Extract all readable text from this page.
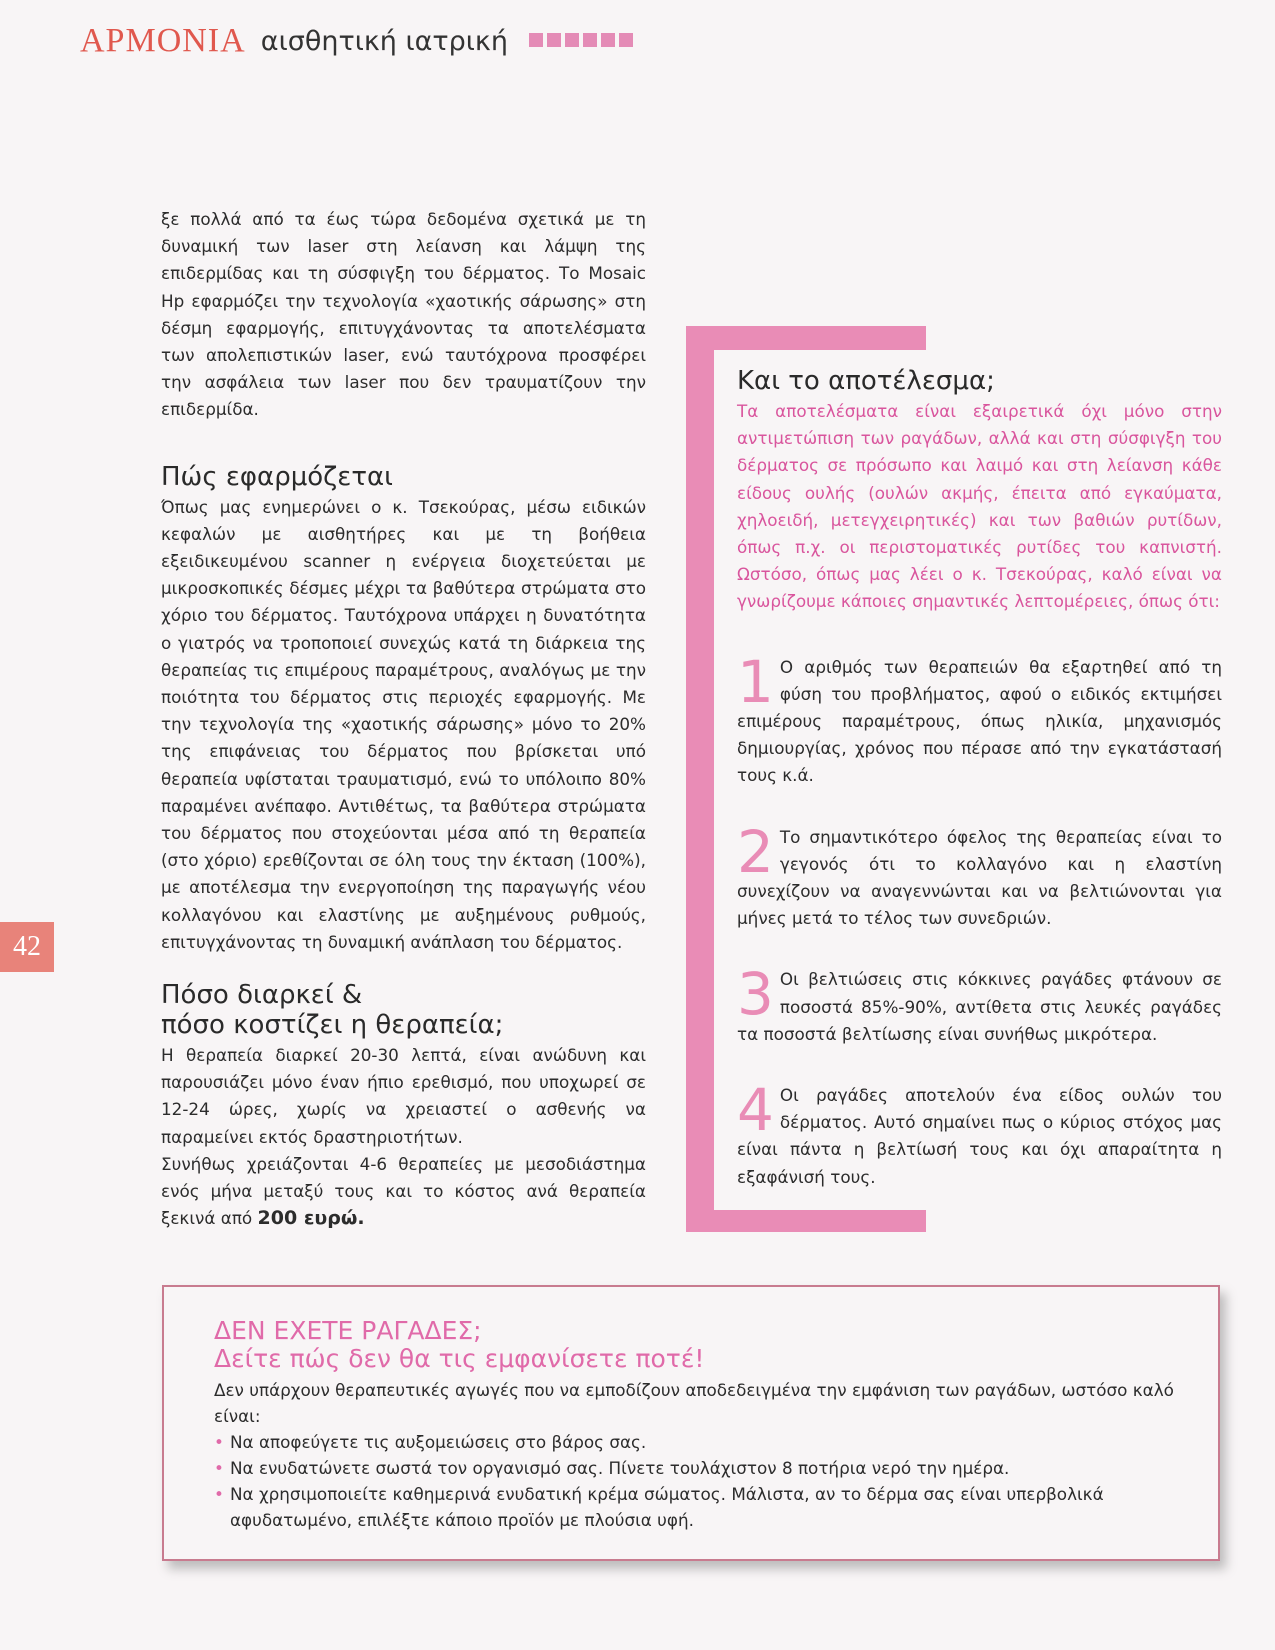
ΑΡΜΟΝΙΑ αισθητική ιατρική
42

ξε πολλά από τα έως τώρα δεδομένα σχετικά με τη δυναμική των laser στη λείανση και λάμψη της επιδερμίδας και τη σύσφιγξη του δέρματος. Το Mosaic Hp εφαρμόζει την τεχνολογία «χαοτικής σάρωσης» στη δέσμη εφαρμογής, επιτυγχάνοντας τα αποτελέσματα των απολεπιστικών laser, ενώ ταυτόχρονα προσφέρει την ασφάλεια των laser που δεν τραυματίζουν την επιδερμίδα.

Πώς εφαρμόζεται

Όπως μας ενημερώνει ο κ. Τσεκούρας, μέσω ειδικών κεφαλών με αισθητήρες και με τη βοήθεια εξειδικευμένου scanner η ενέργεια διοχετεύεται με μικροσκοπικές δέσμες μέχρι τα βαθύτερα στρώματα στο χόριο του δέρματος. Ταυτόχρονα υπάρχει η δυνατότητα ο γιατρός να τροποποιεί συνεχώς κατά τη διάρκεια της θεραπείας τις επιμέρους παραμέτρους, αναλόγως με την ποιότητα του δέρματος στις περιοχές εφαρμογής. Με την τεχνολογία της «χαοτικής σάρωσης» μόνο το 20% της επιφάνειας του δέρματος που βρίσκεται υπό θεραπεία υφίσταται τραυματισμό, ενώ το υπόλοιπο 80% παραμένει ανέπαφο. Αντιθέτως, τα βαθύτερα στρώματα του δέρματος που στοχεύονται μέσα από τη θεραπεία (στο χόριο) ερεθίζονται σε όλη τους την έκταση (100%), με αποτέλεσμα την ενεργοποίηση της παραγωγής νέου κολλαγόνου και ελαστίνης με αυξημένους ρυθμούς, επιτυγχάνοντας τη δυναμική ανάπλαση του δέρματος.

Πόσο διαρκεί &
πόσο κοστίζει η θεραπεία;

Η θεραπεία διαρκεί 20-30 λεπτά, είναι ανώδυνη και παρουσιάζει μόνο έναν ήπιο ερεθισμό, που υποχωρεί σε 12-24 ώρες, χωρίς να χρειαστεί ο ασθενής να παραμείνει εκτός δραστηριοτήτων.

Συνήθως χρειάζονται 4-6 θεραπείες με μεσοδιάστημα ενός μήνα μεταξύ τους και το κόστος ανά θεραπεία ξεκινά από 200 ευρώ.

Και το αποτέλεσμα;

Τα αποτελέσματα είναι εξαιρετικά όχι μόνο στην αντιμετώπιση των ραγάδων, αλλά και στη σύσφιγξη του δέρματος σε πρόσωπο και λαιμό και στη λείανση κάθε είδους ουλής (ουλών ακμής, έπειτα από εγκαύματα, χηλοειδή, μετεγχειρητικές) και των βαθιών ρυτίδων, όπως π.χ. οι περιστοματικές ρυτίδες του καπνιστή. Ωστόσο, όπως μας λέει ο κ. Τσεκούρας, καλό είναι να γνωρίζουμε κάποιες σημαντικές λεπτομέρειες, όπως ότι:

1 Ο αριθμός των θεραπειών θα εξαρτηθεί από τη φύση του προβλήματος, αφού ο ειδικός εκτιμήσει επιμέρους παραμέτρους, όπως ηλικία, μηχανισμός δημιουργίας, χρόνος που πέρασε από την εγκατάστασή τους κ.ά.

2 Το σημαντικότερο όφελος της θεραπείας είναι το γεγονός ότι το κολλαγόνο και η ελαστίνη συνεχίζουν να αναγεννώνται και να βελτιώνονται για μήνες μετά το τέλος των συνεδριών.

3 Οι βελτιώσεις στις κόκκινες ραγάδες φτάνουν σε ποσοστά 85%-90%, αντίθετα στις λευκές ραγάδες τα ποσοστά βελτίωσης είναι συνήθως μικρότερα.

4 Οι ραγάδες αποτελούν ένα είδος ουλών του δέρματος. Αυτό σημαίνει πως ο κύριος στόχος μας είναι πάντα η βελτίωσή τους και όχι απαραίτητα η εξαφάνισή τους.

ΔΕΝ ΕΧΕΤΕ ΡΑΓΑΔΕΣ;

Δείτε πώς δεν θα τις εμφανίσετε ποτέ!

Δεν υπάρχουν θεραπευτικές αγωγές που να εμποδίζουν αποδεδειγμένα την εμφάνιση των ραγάδων, ωστόσο καλό είναι:

• Να αποφεύγετε τις αυξομειώσεις στο βάρος σας.
• Να ενυδατώνετε σωστά τον οργανισμό σας. Πίνετε τουλάχιστον 8 ποτήρια νερό την ημέρα.
• Να χρησιμοποιείτε καθημερινά ενυδατική κρέμα σώματος. Μάλιστα, αν το δέρμα σας είναι υπερβολικά αφυδατωμένο, επιλέξτε κάποιο προϊόν με πλούσια υφή.
